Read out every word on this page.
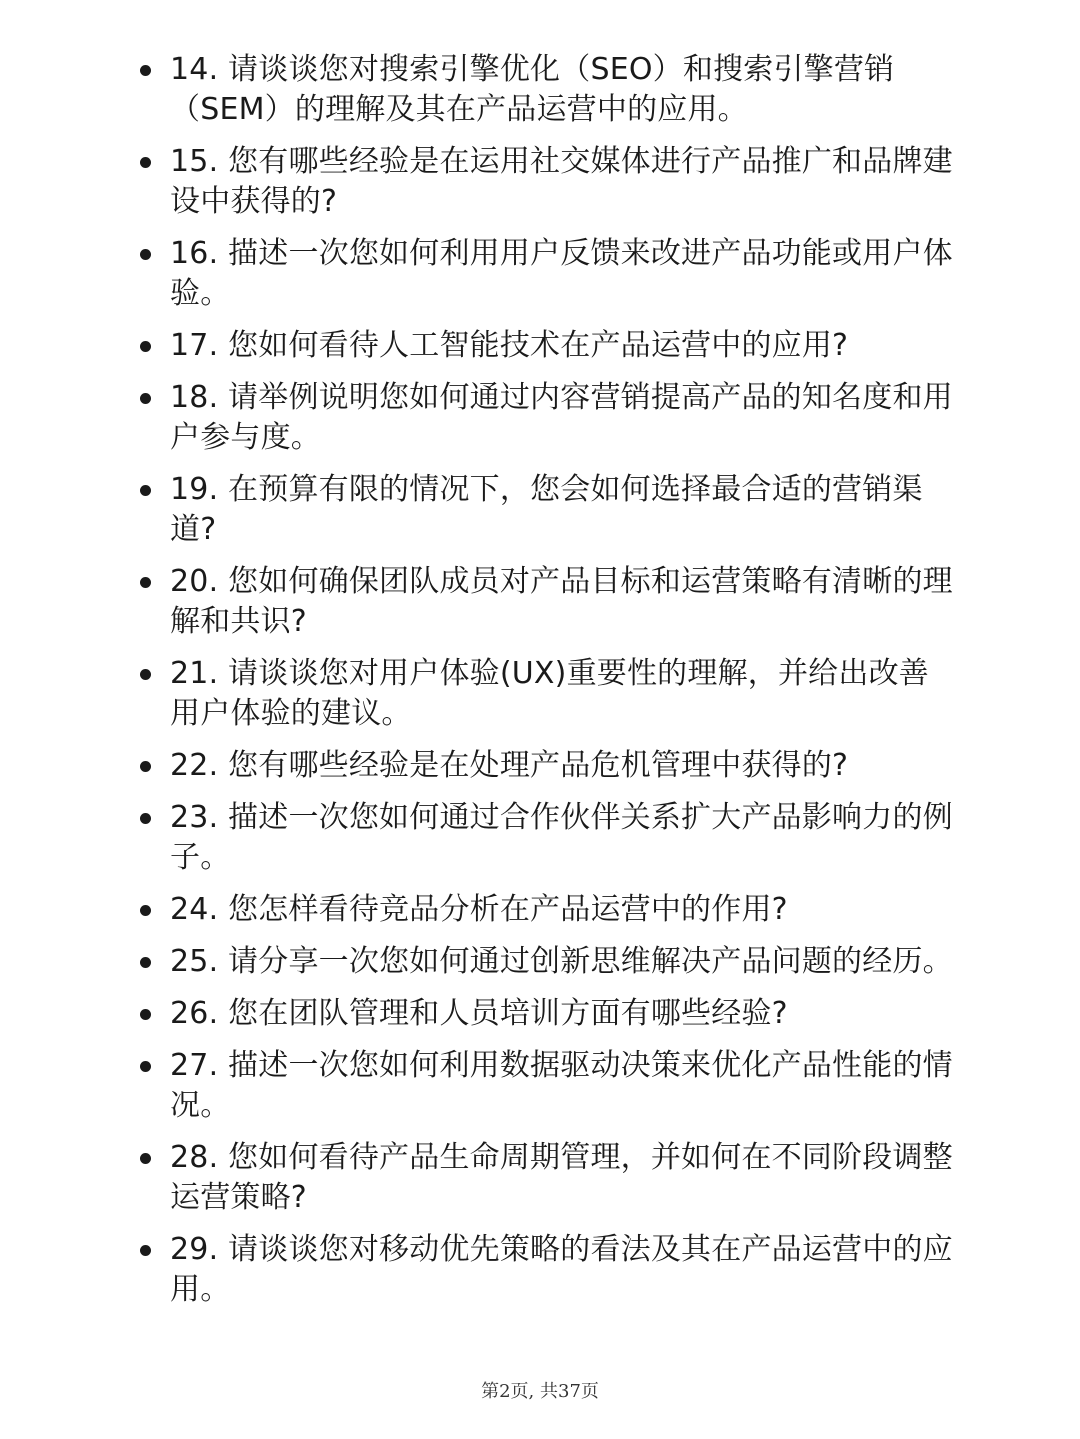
14. 请谈谈您对搜索引擎优化（SEO）和搜索引擎营销（SEM）的理解及其在产品运营中的应用。
15. 您有哪些经验是在运用社交媒体进行产品推广和品牌建设中获得的?
16. 描述一次您如何利用用户反馈来改进产品功能或用户体验。
17. 您如何看待人工智能技术在产品运营中的应用?
18. 请举例说明您如何通过内容营销提高产品的知名度和用户参与度。
19. 在预算有限的情况下，您会如何选择最合适的营销渠道?
20. 您如何确保团队成员对产品目标和运营策略有清晰的理解和共识?
21. 请谈谈您对用户体验(UX)重要性的理解，并给出改善用户体验的建议。
22. 您有哪些经验是在处理产品危机管理中获得的?
23. 描述一次您如何通过合作伙伴关系扩大产品影响力的例子。
24. 您怎样看待竞品分析在产品运营中的作用?
25. 请分享一次您如何通过创新思维解决产品问题的经历。
26. 您在团队管理和人员培训方面有哪些经验?
27. 描述一次您如何利用数据驱动决策来优化产品性能的情况。
28. 您如何看待产品生命周期管理，并如何在不同阶段调整运营策略?
29. 请谈谈您对移动优先策略的看法及其在产品运营中的应用。
第2页, 共37页
